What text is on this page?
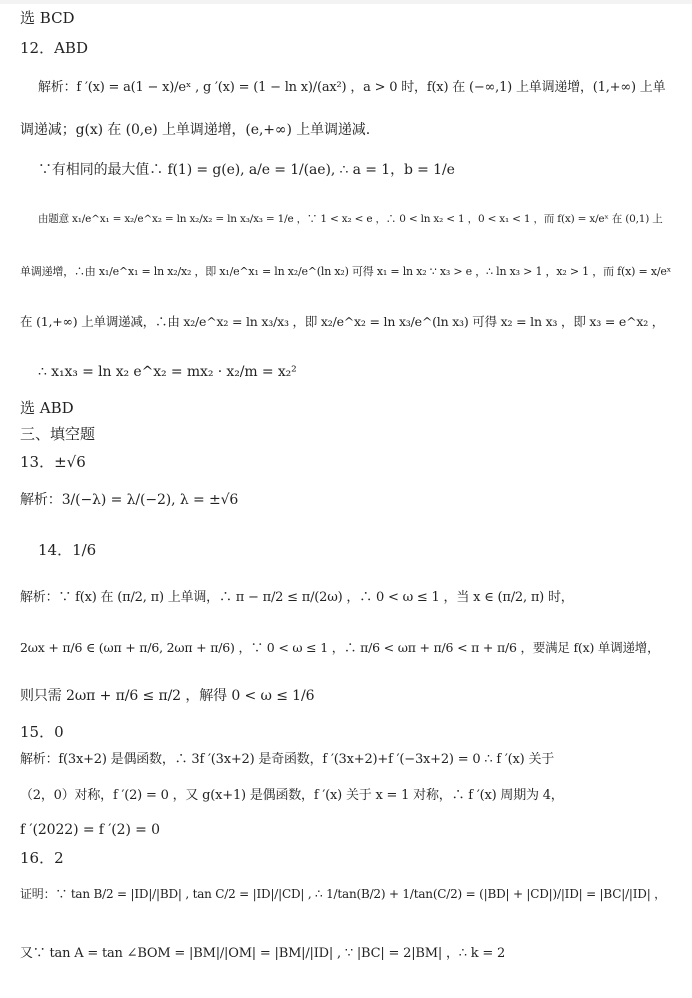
选 BCD
12．ABD
解析：f ′(x) = a(1 − x)/eˣ , g ′(x) = (1 − ln x)/(ax²) ，a > 0 时，f(x) 在 (−∞,1) 上单调递增，(1,+∞) 上单
调递减；g(x) 在 (0,e) 上单调递增，(e,+∞) 上单调递减.
∵有相同的最大值∴ f(1) = g(e), a/e = 1/(ae), ∴ a = 1，b = 1/e
由题意 x₁/e^x₁ = x₂/e^x₂ = ln x₂/x₂ = ln x₃/x₃ = 1/e ，∵ 1 < x₂ < e ，∴ 0 < ln x₂ < 1 ，0 < x₁ < 1 ，而 f(x) = x/eˣ 在 (0,1) 上
单调递增，∴由 x₁/e^x₁ = ln x₂/x₂ ，即 x₁/e^x₁ = ln x₂/e^(ln x₂) 可得 x₁ = ln x₂ ∵ x₃ > e ，∴ ln x₃ > 1 ，x₂ > 1 ，而 f(x) = x/eˣ
在 (1,+∞) 上单调递减，∴由 x₂/e^x₂ = ln x₃/x₃ ，即 x₂/e^x₂ = ln x₃/e^(ln x₃) 可得 x₂ = ln x₃ ，即 x₃ = e^x₂ ，
∴ x₁x₃ = ln x₂ e^x₂ = mx₂ · x₂/m = x₂²
选 ABD
三、填空题
13．±√6
解析：3/(−λ) = λ/(−2), λ = ±√6
14．1/6
解析：∵ f(x) 在 (π/2, π) 上单调，∴ π − π/2 ≤ π/(2ω) ，∴ 0 < ω ≤ 1 ，当 x ∈ (π/2, π) 时，
2ωx + π/6 ∈ (ωπ + π/6, 2ωπ + π/6) ，∵ 0 < ω ≤ 1 ，∴ π/6 < ωπ + π/6 < π + π/6 ，要满足 f(x) 单调递增，
则只需 2ωπ + π/6 ≤ π/2 ，解得 0 < ω ≤ 1/6
15．0
解析：f(3x+2) 是偶函数，∴ 3f ′(3x+2) 是奇函数，f ′(3x+2)+f ′(−3x+2) = 0 ∴ f ′(x) 关于
（2，0）对称，f ′(2) = 0 ，又 g(x+1) 是偶函数，f ′(x) 关于 x = 1 对称，∴ f ′(x) 周期为 4，
f ′(2022) = f ′(2) = 0
16．2
证明：∵ tan B/2 = |ID|/|BD| , tan C/2 = |ID|/|CD| , ∴ 1/tan(B/2) + 1/tan(C/2) = (|BD| + |CD|)/|ID| = |BC|/|ID| ，
又∵ tan A = tan ∠BOM = |BM|/|OM| = |BM|/|ID| , ∵ |BC| = 2|BM| ，∴ k = 2
